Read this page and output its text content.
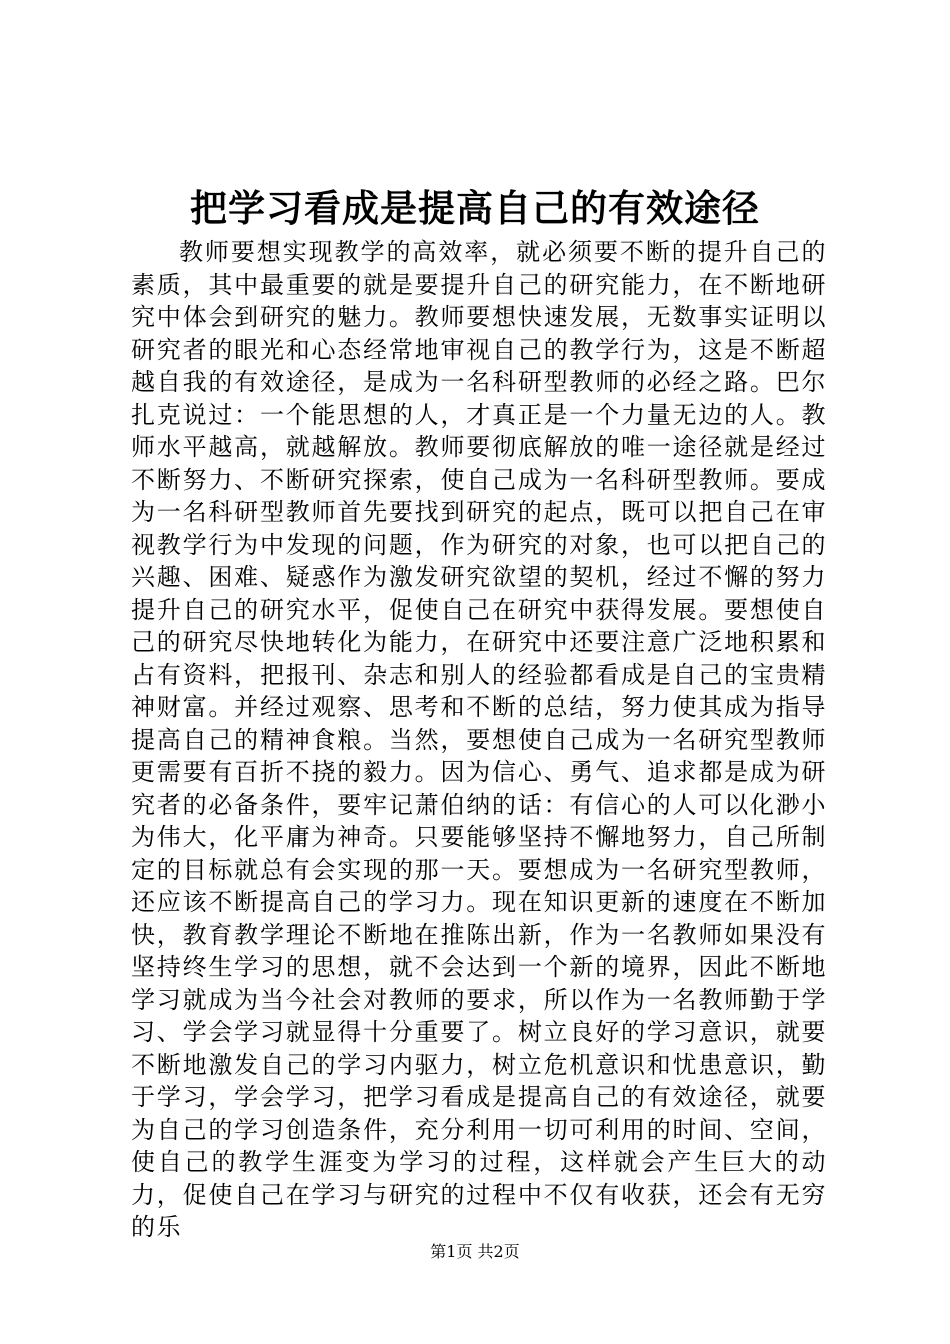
把学习看成是提高自己的有效途径

教师要想实现教学的高效率，就必须要不断的提升自己的素质，其中最重要的就是要提升自己的研究能力，在不断地研究中体会到研究的魅力。教师要想快速发展，无数事实证明以研究者的眼光和心态经常地审视自己的教学行为，这是不断超越自我的有效途径，是成为一名科研型教师的必经之路。巴尔扎克说过：一个能思想的人，才真正是一个力量无边的人。教师水平越高，就越解放。教师要彻底解放的唯一途径就是经过不断努力、不断研究探索，使自己成为一名科研型教师。要成为一名科研型教师首先要找到研究的起点，既可以把自己在审视教学行为中发现的问题，作为研究的对象，也可以把自己的兴趣、困难、疑惑作为激发研究欲望的契机，经过不懈的努力提升自己的研究水平，促使自己在研究中获得发展。要想使自己的研究尽快地转化为能力，在研究中还要注意广泛地积累和占有资料，把报刊、杂志和别人的经验都看成是自己的宝贵精神财富。并经过观察、思考和不断的总结，努力使其成为指导提高自己的精神食粮。当然，要想使自己成为一名研究型教师更需要有百折不挠的毅力。因为信心、勇气、追求都是成为研究者的必备条件，要牢记萧伯纳的话：有信心的人可以化渺小为伟大，化平庸为神奇。只要能够坚持不懈地努力，自己所制定的目标就总有会实现的那一天。要想成为一名研究型教师，还应该不断提高自己的学习力。现在知识更新的速度在不断加快，教育教学理论不断地在推陈出新，作为一名教师如果没有坚持终生学习的思想，就不会达到一个新的境界，因此不断地学习就成为当今社会对教师的要求，所以作为一名教师勤于学习、学会学习就显得十分重要了。树立良好的学习意识，就要不断地激发自己的学习内驱力，树立危机意识和忧患意识，勤于学习，学会学习，把学习看成是提高自己的有效途径，就要为自己的学习创造条件，充分利用一切可利用的时间、空间，使自己的教学生涯变为学习的过程，这样就会产生巨大的动力，促使自己在学习与研究的过程中不仅有收获，还会有无穷的乐

第1页 共2页
